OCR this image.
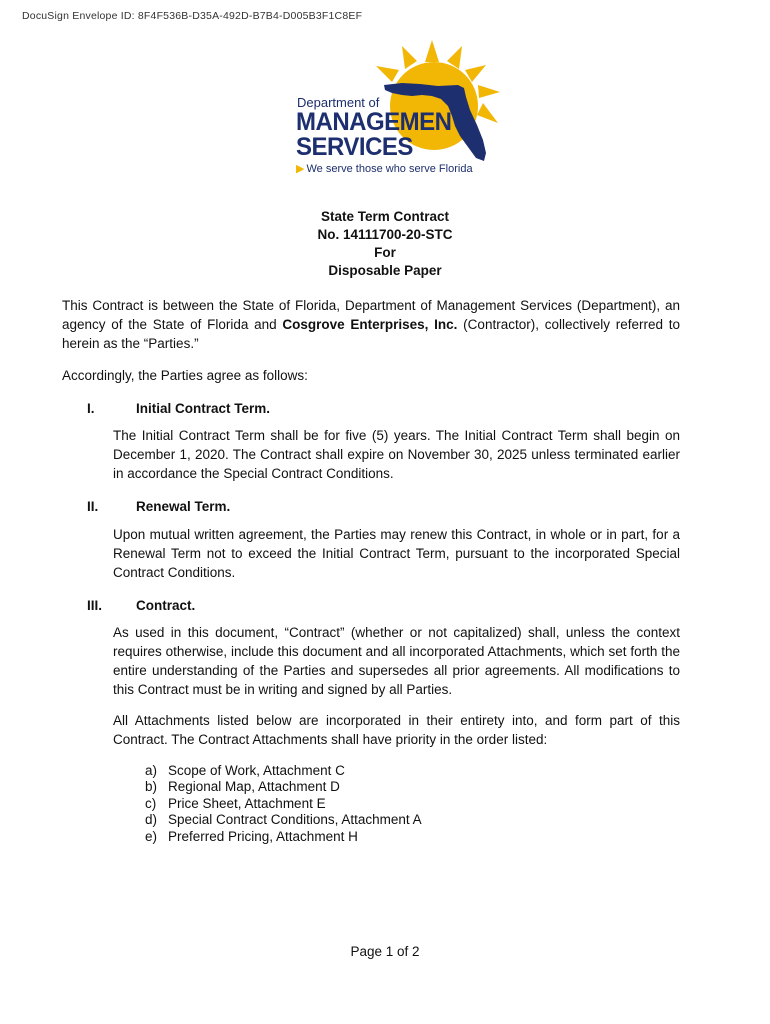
DocuSign Envelope ID: 8F4F536B-D35A-492D-B7B4-D005B3F1C8EF
Department of
MANAGEMENT
SERVICES
▶ We serve those who serve Florida
State Term Contract
No. 14111700-20-STC
For
Disposable Paper
This Contract is between the State of Florida, Department of Management Services (Department), an agency of the State of Florida and Cosgrove Enterprises, Inc. (Contractor), collectively referred to herein as the “Parties.”
Accordingly, the Parties agree as follows:
I.	Initial Contract Term.
The Initial Contract Term shall be for five (5) years. The Initial Contract Term shall begin on December 1, 2020. The Contract shall expire on November 30, 2025 unless terminated earlier in accordance the Special Contract Conditions.
II.	Renewal Term.
Upon mutual written agreement, the Parties may renew this Contract, in whole or in part, for a Renewal Term not to exceed the Initial Contract Term, pursuant to the incorporated Special Contract Conditions.
III.	Contract.
As used in this document, “Contract” (whether or not capitalized) shall, unless the context requires otherwise, include this document and all incorporated Attachments, which set forth the entire understanding of the Parties and supersedes all prior agreements. All modifications to this Contract must be in writing and signed by all Parties.
All Attachments listed below are incorporated in their entirety into, and form part of this Contract. The Contract Attachments shall have priority in the order listed:
a) Scope of Work, Attachment C
b) Regional Map, Attachment D
c) Price Sheet, Attachment E
d) Special Contract Conditions, Attachment A
e) Preferred Pricing, Attachment H
Page 1 of 2
